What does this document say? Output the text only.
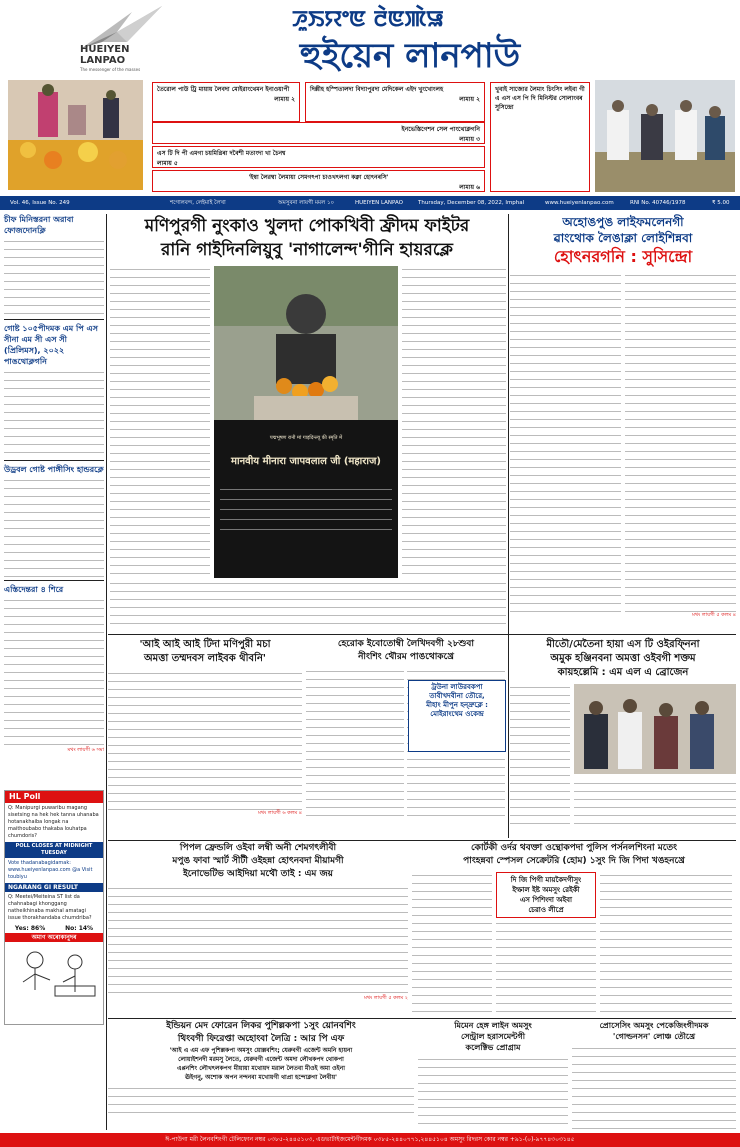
HUEIYEN
LANPAO
The messenger of the masses
ꯍꯨꯏꯌꯦꯟ ꯂꯥꯟꯄꯥꯎ
হুইয়েন লানপাউ
তৈরোল পাউ ট্রি মায়ায় লৈবদা মোইরাংথেমন ইনাওয়াপী
লামায় ২
দিল্লীহ হস্পিতালদা বিদ্যাপুরদা মেদিকেল এইদ খুংখোংলহ
লামায় ২
খুবাই সাজোর লৈমাং চিংসিং লইবা গী এ এস এস পি দি মিনিস্টর সোলাংবৰ সুসিন্দ্রো
ইনভেস্তিগেশন সেল পাংথোক্লগনি
লামায় ৩
এস টি দি পী এমগা চয়মিগ্নিৰা দবৈশী মতাংদা খা চৈনশ্ব
লামায় ৫
'ইম্বা লৈরম্বা লৈমায়া সেমগৎপা চাওখৎলগা কক্না হোৎনৰসি'
লামায় ৬
Vol. 46, Issue No. 249	শগোলবন্দ, লেইমাই লৈখা	অমসুবনা লায়গী মমল ১০	HUEIYEN LANPAO	Thursday, December 08, 2022, Imphal	www.hueiyenlanpao.com	RNI No. 40746/1978	₹ 5.00
চীফ মিনিস্তরনা অরাবা ফোজদোনক্লি
গোষ্ট ১০৫পীদমক এম পি এস সীনা এম সী এস সী (প্রিলিমস), ২০২২ পাঙথোক্লগনি
উড্রবল গোষ্ট পাঙ্গীসিং হান্ডরক্লে
এস্তিদেন্তরা ৪ শিরে
মথং লায়গী ৬ সমা
HL Poll
Q: Manipurgi puwaribu magang sisetsing na hek hek tanna uhanaba hotanakhaiba longak na maithoubabo thakaba louhatpa chumdoris?
POLL CLOSES AT MIDNIGHT TUESDAY
Vote thadanabagidamak: www.hueiyenlanpao.com @a Visit toubiyu
NGARANG GI RESULT
Q: Meetei/Meiteina ST list da chahnabagi khonggang natheikhinaba makhal amatagi issue thorakhandaba chumdriba?
Yes: 86%	No: 14%
অমাণ অৰোকানুদৰ
মণিপুরগী নুংকাও খুলদা পোকখিবী ফ্রীদম ফাইটর
রানি গাইদিনলিয়ুবু 'নাগালেন্দ'গীনি হায়রক্লে
पद्मभूषण रानी मां गाइदिन्ल्यू की स्मृति में
मानवीय मीनारा जापवलाल जी (महाराज)
অহোঙপুঙ লাইফমলেনগী
ৱাংথোক লৈঙাক্লা লোইশিন্নবা
হোৎনরগনি : সুসিন্দ্রো
মথং লায়গী ৫ কলম ৪
মীতৌ/মেতৈনা হায়া এস টি ওইরফ্নিনা
অমুক হঞ্জিনবনা অমত্তা ওইবগী শক্তম
কায়হল্লেমি : এম এল এ ব্রোজেন
'আই আই আই টিদা মণিপুরী মচা
অমত্তা তম্মদবস লাইবক থীবনি'
মথং লায়গী ৬ কলম ৪
হেরোক ইবোতোম্বী লৈখিদবগী ২৮শুবা
নীংশিং থৌরম পাঙথোকখ্রে
ট্রউনা লাউরবকপা
তাবীখদবীনা তৌরে,
মীহাং মীপুন হন্দ্রুক্লে :
মোইরাংথেম ওকেন্দ্র
পিপল ফ্রেন্ডলি ওইবা লম্বী অনী শেমগৎলীবী
মপুঙ ফাবা স্মার্ট সীটী ওইহন্না হোৎনবদা মীয়ামগী
ইনোভেটিভ আইদিয়া মথৌ তাই : এম জয়
মথং লায়গী ৫ কলম ২
কোর্টকী ওর্দর থবক্তা ওন্থোকপদা পুলিস পর্সনলশিংনা মতেং
পাংহন্নবা স্পেসল সেক্রেটরি (হোম) ১সুং দি জি পিদা খঙহনখ্রে
দি জি পিগী মায়কৈদগীসুং
ইম্ফাল ইষ্ট অমসুং রেইকী
এস পিশিংদা অইবা
চেরাও লীপ্রে
ইন্ডিয়ন মেদ ফোরেন লিকর পুশিল্লকপা ১সুং য়োনবশিং
থিংবগী ফিরেপ্তা অহোংবা লৈত্রি : আর পি এফ
'আই এ এম এফ পুশিল্লকপা অমসুং য়োল্লবশিং; যেরুবগী এজেন্ট অমনি হায়না
লোয়াইশনদী মরমসু লৈতে, যেরুবগী এজেন্ট অমদা লৌথকপদ থোকপা
এপ্পনশিং লৌখৎলকপগ মীয়ায়া মথোয়দ মরাল লৈতবা মীওই অমা ওইনা
ঊইগনু, অশোক অপন নন্দনবা মখোয়গী থাপ্রা হন্দোক্লগা লৈবীয়'
মিমেন হেঙ্গ লাইন অমসুং
সেন্ট্রাল হরাসমেন্টগী
কলেক্টিভ প্রোগ্রাম
প্রোসেসিং অমসুং পেকেজিংগীদমক
'গোল্ডনসন' লোঞ্চ তৌখ্রে
ঈ-পাউগা মরী লৈনবশিংগী টেলিফোন নম্বর ০৩৮৫-২৪৪৫১০৩, এডভার্টাইজমেন্টগীদমক ০৩৮৫-২৪৪০৭৭১,২৪৪৫১০৪ অমসুং রিদরস কোর নম্বর +৯১-(০)-৯৭৭৪৩০৩১৪৫
